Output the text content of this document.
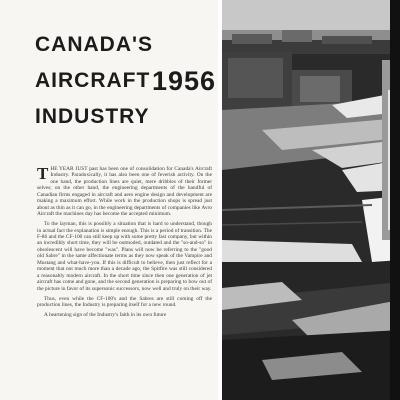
CANADA'S
AIRCRAFT
INDUSTRY
1956

THE YEAR JUST past has been one of consolidation for Canada's Aircraft Industry. Paradoxically, it has also been one of feverish activity. On the one hand, the production lines are quiet, mere dribbles of their former selves; on the other hand, the engineering departments of the handful of Canadian firms engaged in aircraft and aero engine design and development are making a maximum effort. While work in the production shops is spread just about as thin as it can go, in the engineering departments of companies like Avro Aircraft the machines day has become the accepted minimum.

To the layman, this is possibly a situation that is hard to understand, though in actual fact the explanation is simple enough. This is a period of transition. The F-86 and the CF-100 can still keep up with some pretty fast company, but within an incredibly short time, they will be outmoded, outdated and the "so-and-so" in obsolescent will have become "was". Plans will now be referring to the "good old Sabre" in the same affectionate terms as they now speak of the Vampire and Mustang and what-have-you. If this is difficult to believe, then just reflect for a moment that not much more than a decade ago, the Spitfire was still considered a reasonably modern aircraft. In the short time since then one generation of jet aircraft has come and gone, and the second generation is preparing to bow out of the picture in favor of its supersonic successors, now well and truly on their way.

Thus, even while the CF-100's and the Sabres are still coming off the production lines, the Industry is preparing itself for a new round.

A heartening sign of the Industry's faith in its own future
